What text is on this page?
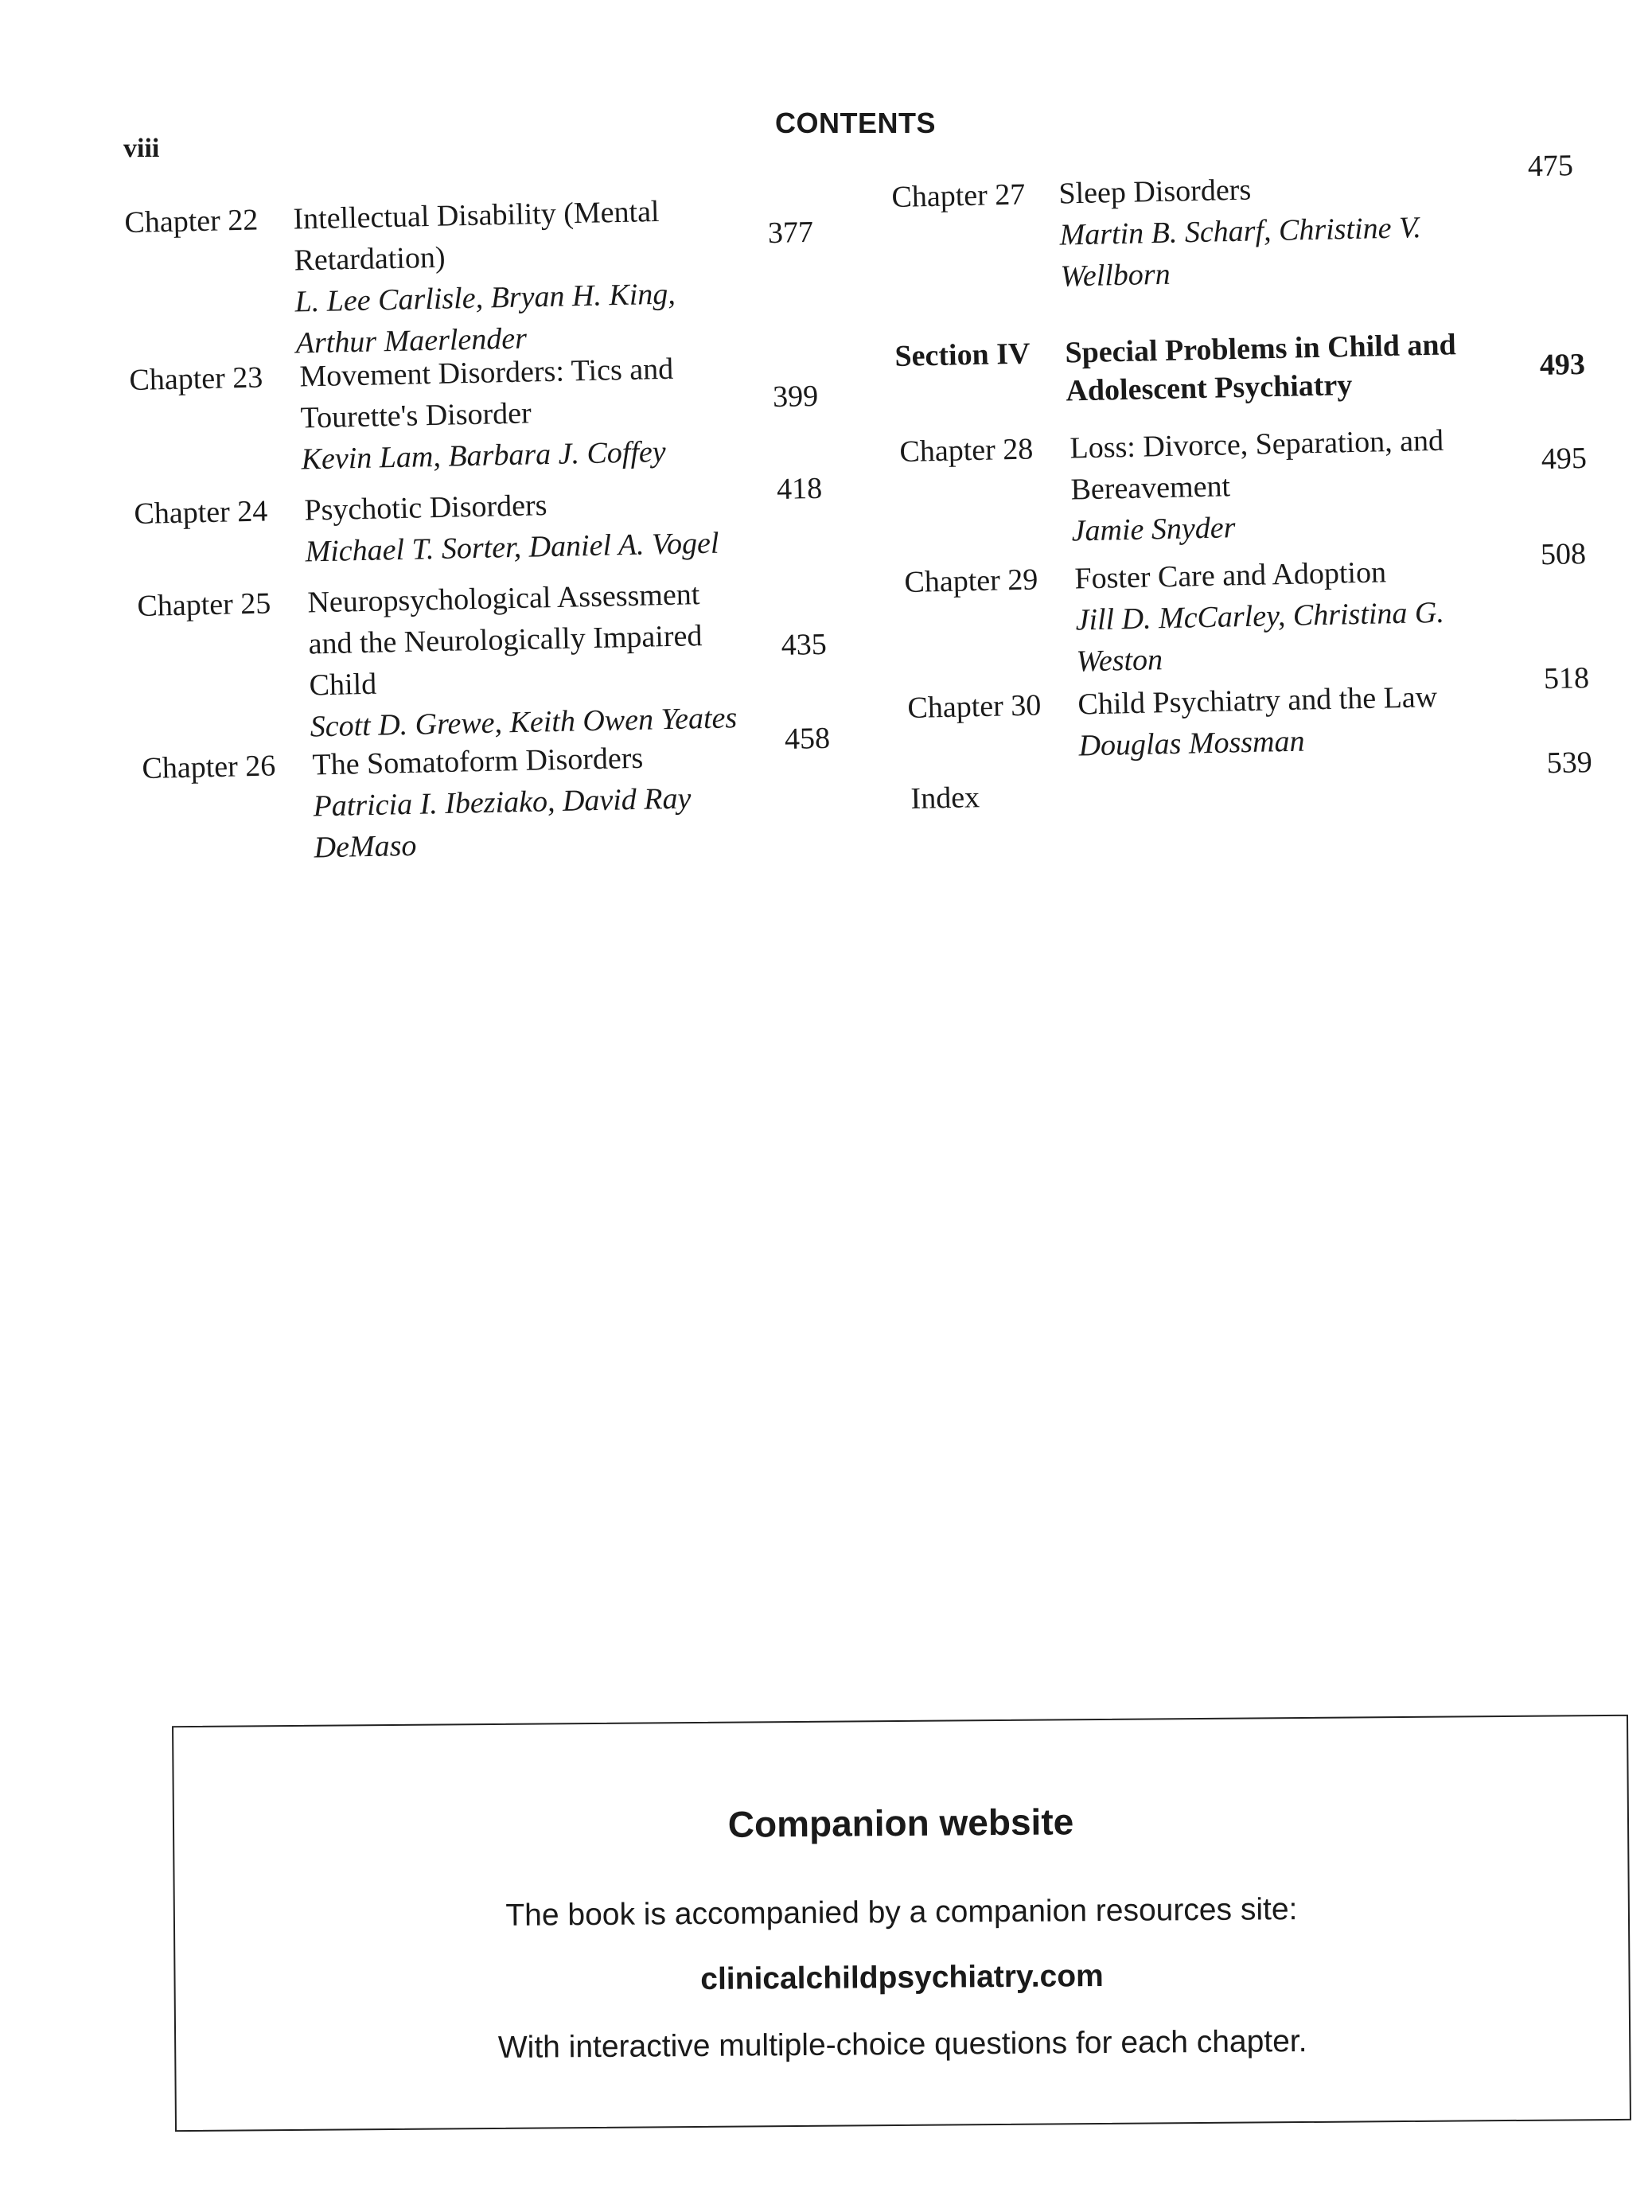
viii
CONTENTS
Chapter 22 Intellectual Disability (Mental
Retardation)
L. Lee Carlisle, Bryan H. King,
Arthur Maerlender
377
Chapter 23 Movement Disorders: Tics and
Tourette's Disorder
Kevin Lam, Barbara J. Coffey
399
Chapter 24 Psychotic Disorders
Michael T. Sorter, Daniel A. Vogel
418
Chapter 25 Neuropsychological Assessment
and the Neurologically Impaired
Child
Scott D. Grewe, Keith Owen Yeates
435
Chapter 26 The Somatoform Disorders
Patricia I. Ibeziako, David Ray
DeMaso
458
Chapter 27 Sleep Disorders
Martin B. Scharf, Christine V.
Wellborn
475
Section IV Special Problems in Child and
Adolescent Psychiatry
493
Chapter 28 Loss: Divorce, Separation, and
Bereavement
Jamie Snyder
495
Chapter 29 Foster Care and Adoption
Jill D. McCarley, Christina G.
Weston
508
Chapter 30 Child Psychiatry and the Law
Douglas Mossman
518
Index
539
Companion website
The book is accompanied by a companion resources site:
clinicalchildpsychiatry.com
With interactive multiple-choice questions for each chapter.
